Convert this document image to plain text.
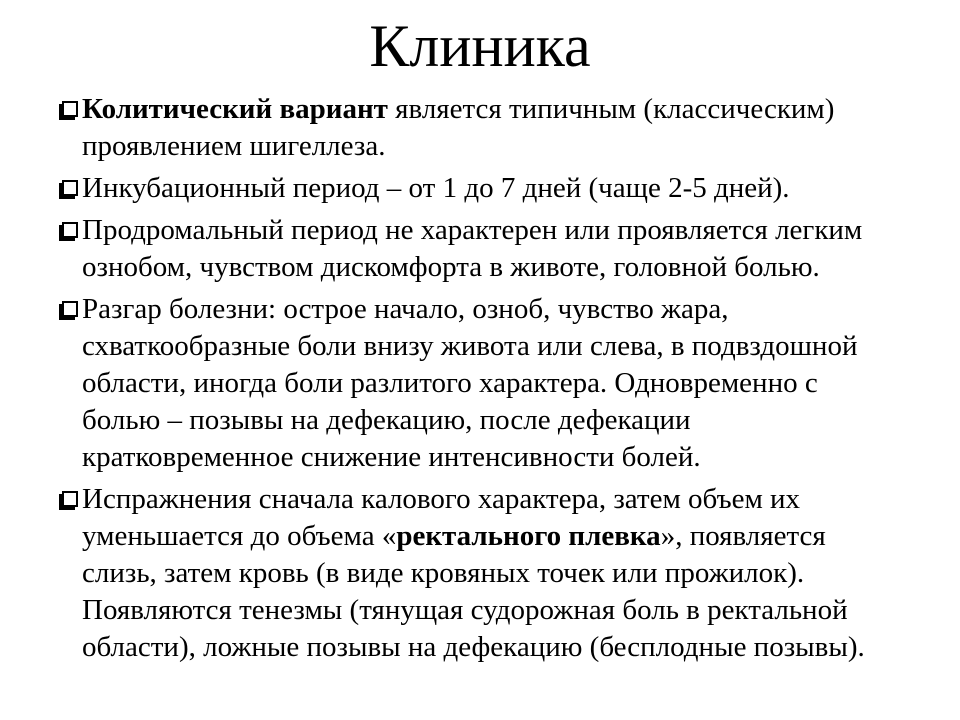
Клиника
Колитический вариант является типичным (классическим)
проявлением шигеллеза.
Инкубационный период – от 1 до 7 дней (чаще 2-5 дней).
Продромальный период не характерен или проявляется легким
ознобом, чувством дискомфорта в животе, головной болью.
Разгар болезни: острое начало, озноб, чувство жара,
схваткообразные боли внизу живота или слева, в подвздошной
области, иногда боли разлитого характера. Одновременно с
болью – позывы на дефекацию, после дефекации
кратковременное снижение интенсивности болей.
Испражнения сначала калового характера, затем объем их
уменьшается до объема «ректального плевка», появляется
слизь, затем кровь (в виде кровяных точек или прожилок).
Появляются тенезмы (тянущая судорожная боль в ректальной
области), ложные позывы на дефекацию (бесплодные позывы).
